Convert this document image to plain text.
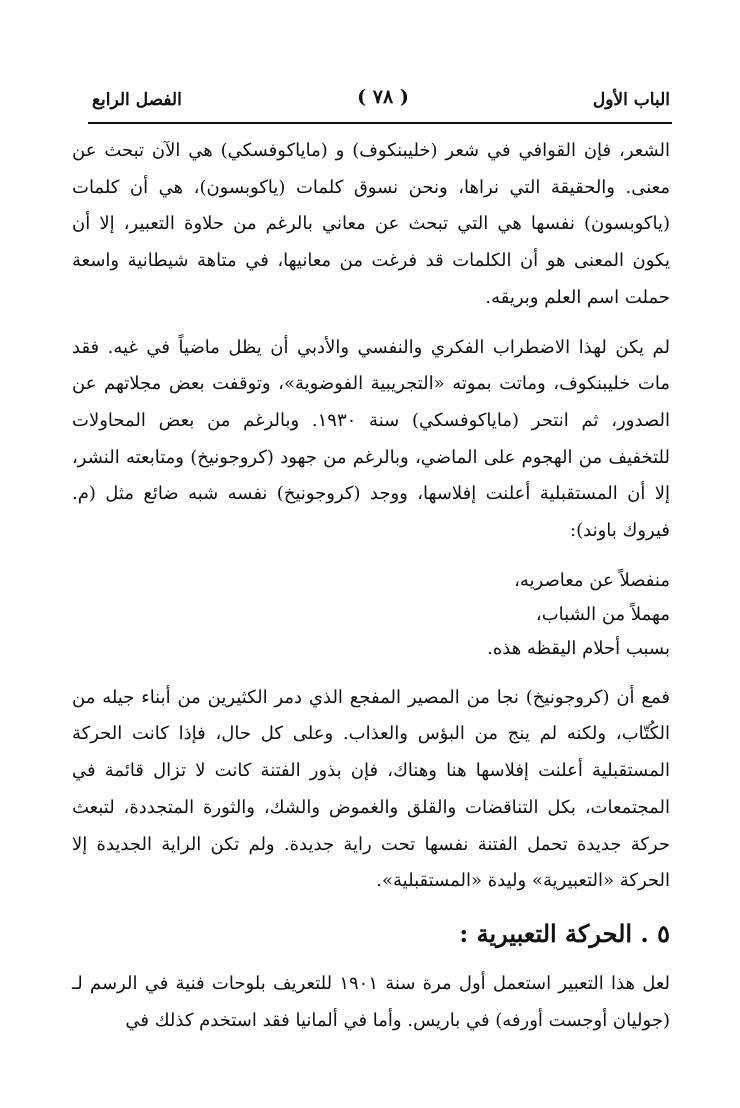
الباب الأول
( ٧٨ )
الفصل الرابع

الشعر، فإن القوافي في شعر (خليبنكوف) و (ماياكوفسكي) هي الآن تبحث عن معنى. والحقيقة التي نراها، ونحن نسوق كلمات (ياكوبسون)، هي أن كلمات (ياكوبسون) نفسها هي التي تبحث عن معاني بالرغم من حلاوة التعبير، إلا أن يكون المعنى هو أن الكلمات قد فرغت من معانيها، في متاهة شيطانية واسعة حملت اسم العلم وبريقه.

لم يكن لهذا الاضطراب الفكري والنفسي والأدبي أن يظل ماضياً في غيه. فقد مات خليبنكوف، وماتت بموته «التجريبية الفوضوية»، وتوقفت بعض مجلاتهم عن الصدور، ثم انتحر (ماياكوفسكي) سنة ١٩٣٠. وبالرغم من بعض المحاولات للتخفيف من الهجوم على الماضي، وبالرغم من جهود (كروجونيخ) ومتابعته النشر، إلا أن المستقبلية أعلنت إفلاسها، ووجد (كروجونيخ) نفسه شبه ضائع مثل (م. فيروك باوند):

منفصلاً عن معاصريه،
مهملاً من الشباب،
بسبب أحلام اليقظه هذه.

فمع أن (كروجونيخ) نجا من المصير المفجع الذي دمر الكثيرين من أبناء جيله من الكُتّاب، ولكنه لم ينج من البؤس والعذاب. وعلى كل حال، فإذا كانت الحركة المستقبلية أعلنت إفلاسها هنا وهناك، فإن بذور الفتنة كانت لا تزال قائمة في المجتمعات، بكل التناقضات والقلق والغموض والشك، والثورة المتجددة، لتبعث حركة جديدة تحمل الفتنة نفسها تحت راية جديدة. ولم تكن الراية الجديدة إلا الحركة «التعبيرية» وليدة «المستقبلية».

٥ . الحركة التعبيرية :

لعل هذا التعبير استعمل أول مرة سنة ١٩٠١ للتعريف بلوحات فنية في الرسم لـ (جوليان أوجست أورفه) في باريس. وأما في ألمانيا فقد استخدم كذلك في
